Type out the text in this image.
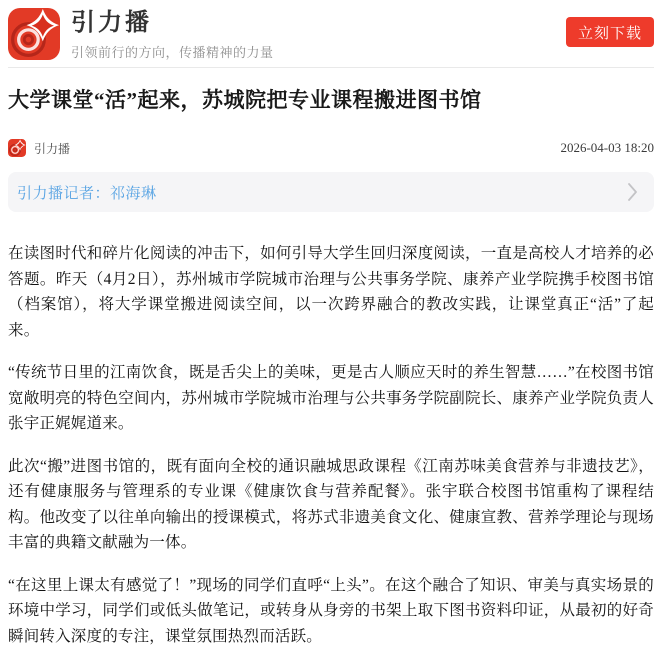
引力播
引领前行的方向，传播精神的力量
立刻下载
大学课堂“活”起来，苏城院把专业课程搬进图书馆
引力播	2026-04-03 18:20
引力播记者：祁海琳

在读图时代和碎片化阅读的冲击下，如何引导大学生回归深度阅读，一直是高校人才培养的必答题。昨天（4月2日），苏州城市学院城市治理与公共事务学院、康养产业学院携手校图书馆（档案馆），将大学课堂搬进阅读空间，以一次跨界融合的教改实践，让课堂真正“活”了起来。

“传统节日里的江南饮食，既是舌尖上的美味，更是古人顺应天时的养生智慧……”在校图书馆宽敞明亮的特色空间内，苏州城市学院城市治理与公共事务学院副院长、康养产业学院负责人张宇正娓娓道来。

此次“搬”进图书馆的，既有面向全校的通识融城思政课程《江南苏味美食营养与非遗技艺》，还有健康服务与管理系的专业课《健康饮食与营养配餐》。张宇联合校图书馆重构了课程结构。他改变了以往单向输出的授课模式，将苏式非遗美食文化、健康宣教、营养学理论与现场丰富的典籍文献融为一体。

“在这里上课太有感觉了！”现场的同学们直呼“上头”。在这个融合了知识、审美与真实场景的环境中学习，同学们或低头做笔记，或转身从身旁的书架上取下图书资料印证，从最初的好奇瞬间转入深度的专注，课堂氛围热烈而活跃。
